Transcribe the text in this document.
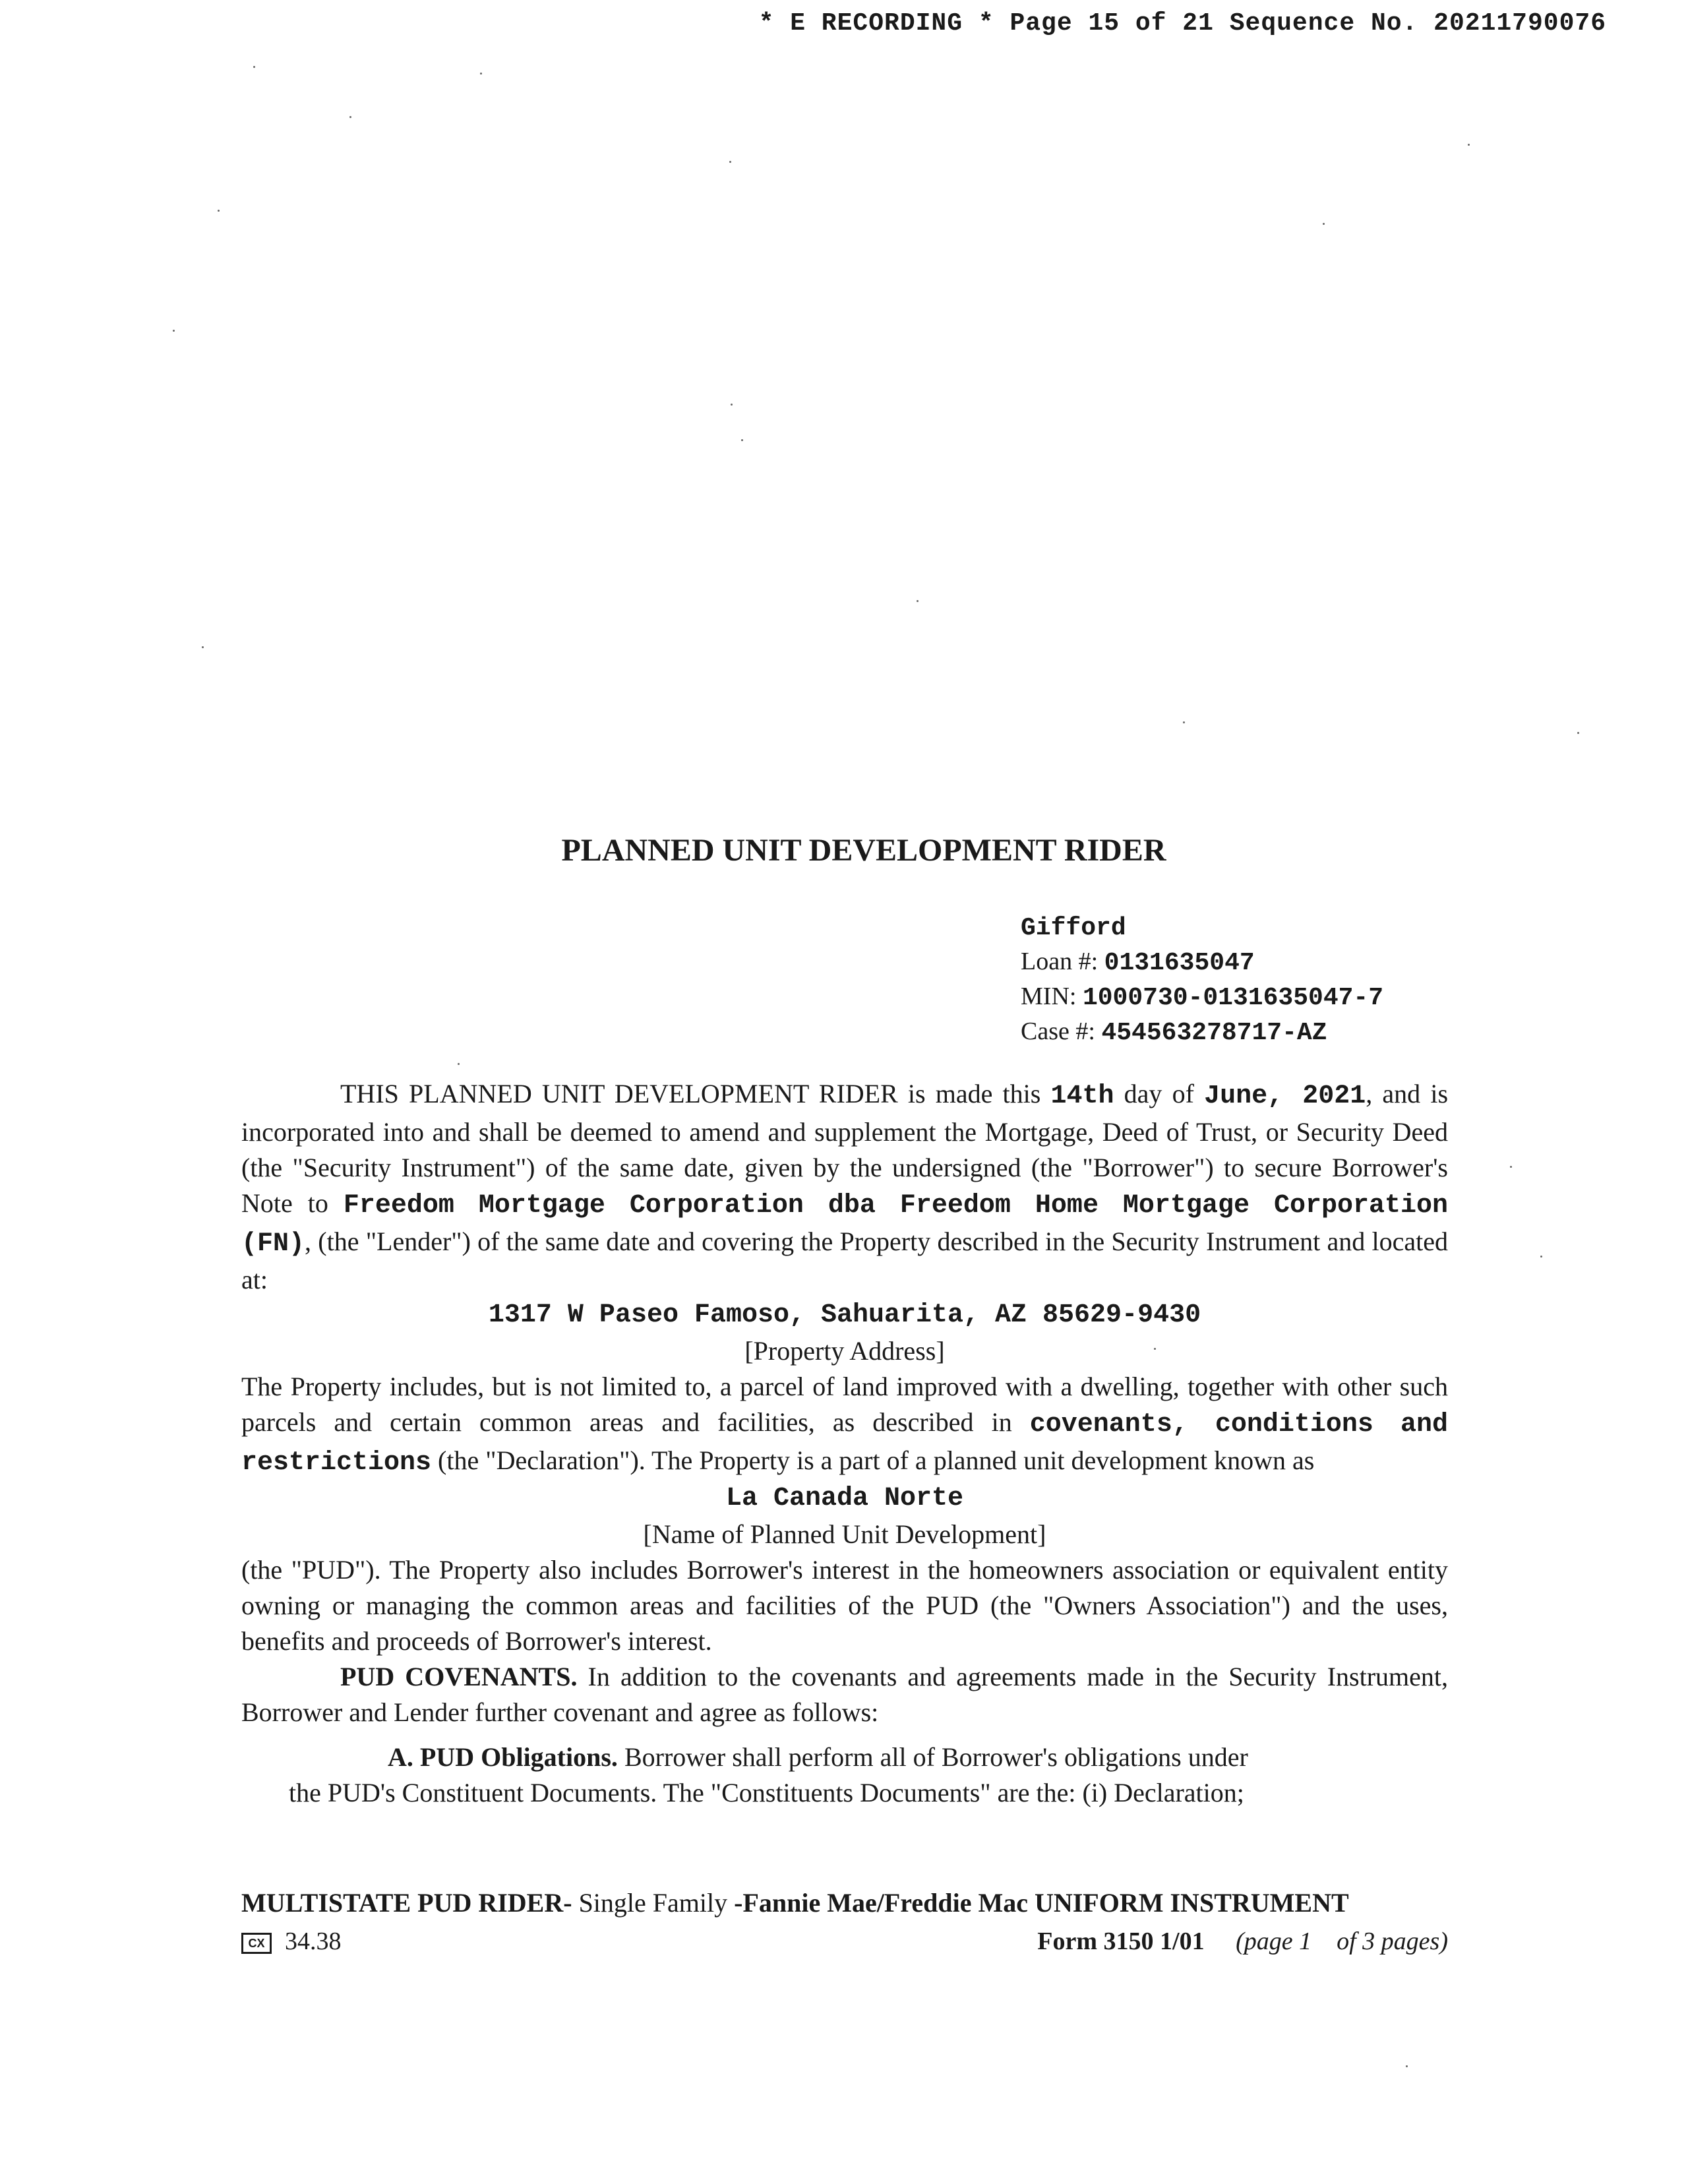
* E RECORDING * Page 15 of 21 Sequence No. 20211790076
PLANNED UNIT DEVELOPMENT RIDER
Gifford
Loan #: 0131635047
MIN: 1000730-0131635047-7
Case #: 454563278717-AZ

THIS PLANNED UNIT DEVELOPMENT RIDER is made this 14th day of June, 2021, and is incorporated into and shall be deemed to amend and supplement the Mortgage, Deed of Trust, or Security Deed (the "Security Instrument") of the same date, given by the undersigned (the "Borrower") to secure Borrower's Note to Freedom Mortgage Corporation dba Freedom Home Mortgage Corporation (FN), (the "Lender") of the same date and covering the Property described in the Security Instrument and located at:

1317 W Paseo Famoso, Sahuarita, AZ 85629-9430

[Property Address]

The Property includes, but is not limited to, a parcel of land improved with a dwelling, together with other such parcels and certain common areas and facilities, as described in covenants, conditions and restrictions (the "Declaration"). The Property is a part of a planned unit development known as

La Canada Norte

[Name of Planned Unit Development]

(the "PUD"). The Property also includes Borrower's interest in the homeowners association or equivalent entity owning or managing the common areas and facilities of the PUD (the "Owners Association") and the uses, benefits and proceeds of Borrower's interest.

PUD COVENANTS. In addition to the covenants and agreements made in the Security Instrument, Borrower and Lender further covenant and agree as follows:

A. PUD Obligations. Borrower shall perform all of Borrower's obligations under
the PUD's Constituent Documents. The "Constituents Documents" are the: (i) Declaration;

MULTISTATE PUD RIDER- Single Family -Fannie Mae/Freddie Mac UNIFORM INSTRUMENT
CX 34.38	Form 3150 1/01 (page 1 of 3 pages)
